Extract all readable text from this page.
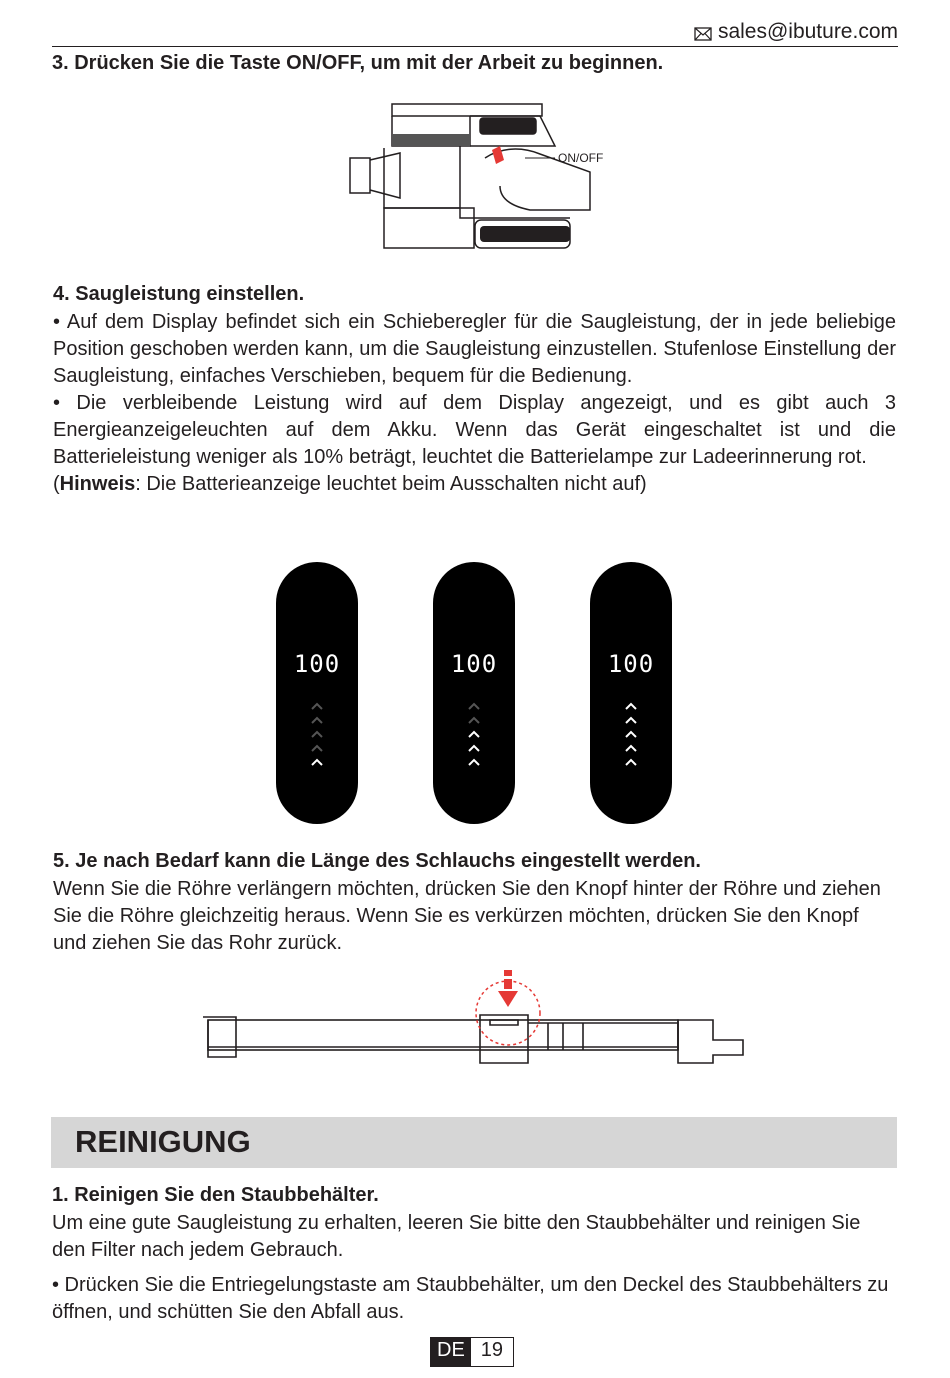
sales@ibuture.com
3. Drücken Sie die Taste ON/OFF, um mit der Arbeit zu beginnen.
ON/OFF
4. Saugleistung einstellen.

• Auf dem Display befindet sich ein Schieberegler für die Saugleistung, der in jede beliebige Position geschoben werden kann, um die Saugleistung einzustellen. Stufenlose Einstellung der Saugleistung, einfaches Verschieben, bequem für die Bedienung.

• Die verbleibende Leistung wird auf dem Display angezeigt, und es gibt auch 3 Energieanzeigeleuchten auf dem Akku. Wenn das Gerät eingeschaltet ist und die Batterieleistung weniger als 10% beträgt, leuchtet die Batterielampe zur Ladeerinnerung rot.

(Hinweis: Die Batterieanzeige leuchtet beim Ausschalten nicht auf)

100	100	100
5. Je nach Bedarf kann die Länge des Schlauchs eingestellt werden.

Wenn Sie die Röhre verlängern möchten, drücken Sie den Knopf hinter der Röhre und ziehen Sie die Röhre gleichzeitig heraus. Wenn Sie es verkürzen möchten, drücken Sie den Knopf und ziehen Sie das Rohr zurück.

REINIGUNG
1. Reinigen Sie den Staubbehälter.

Um eine gute Saugleistung zu erhalten, leeren Sie bitte den Staubbehälter und reinigen Sie den Filter nach jedem Gebrauch.

• Drücken Sie die Entriegelungstaste am Staubbehälter, um den Deckel des Staubbehälters zu öffnen, und schütten Sie den Abfall aus.

DE 19
